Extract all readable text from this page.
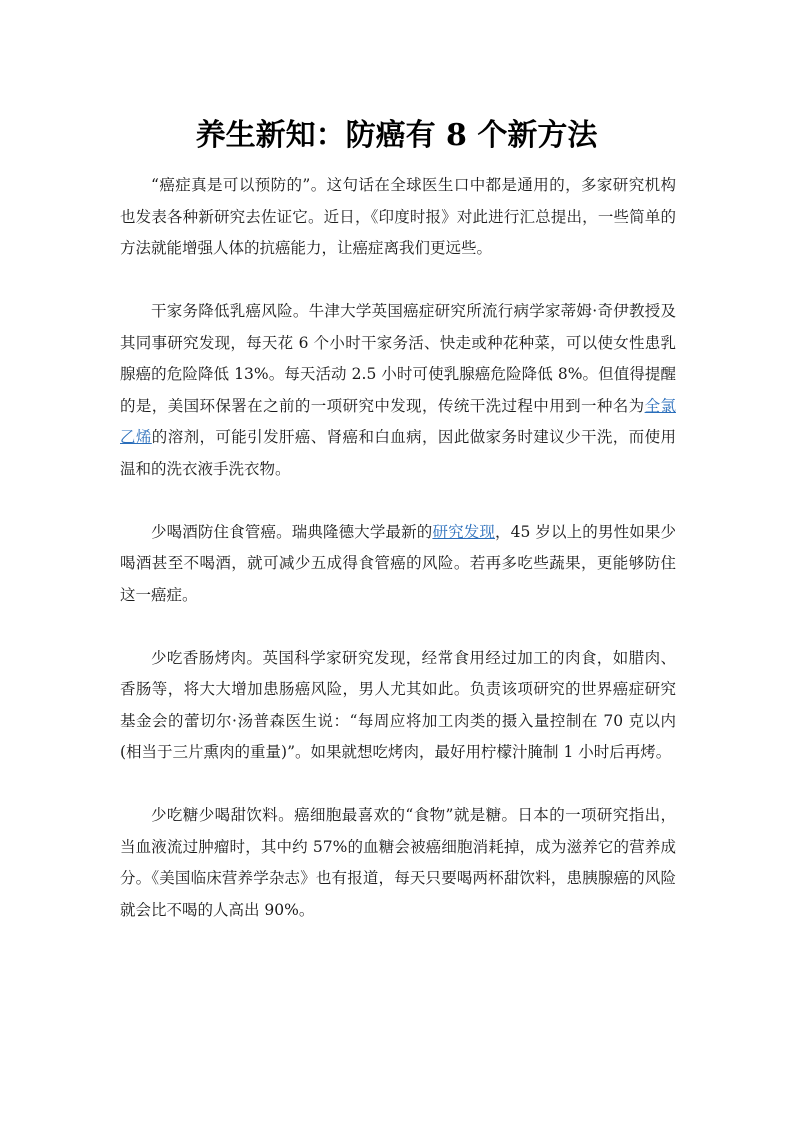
养生新知：防癌有 8 个新方法

“癌症真是可以预防的”。这句话在全球医生口中都是通用的，多家研究机构也发表各种新研究去佐证它。近日，《印度时报》对此进行汇总提出，一些简单的方法就能增强人体的抗癌能力，让癌症离我们更远些。

干家务降低乳癌风险。牛津大学英国癌症研究所流行病学家蒂姆·奇伊教授及其同事研究发现，每天花 6 个小时干家务活、快走或种花种菜，可以使女性患乳腺癌的危险降低 13%。每天活动 2.5 小时可使乳腺癌危险降低 8%。但值得提醒的是，美国环保署在之前的一项研究中发现，传统干洗过程中用到一种名为全氯乙烯的溶剂，可能引发肝癌、肾癌和白血病，因此做家务时建议少干洗，而使用温和的洗衣液手洗衣物。

少喝酒防住食管癌。瑞典隆德大学最新的研究发现，45 岁以上的男性如果少喝酒甚至不喝酒，就可减少五成得食管癌的风险。若再多吃些蔬果，更能够防住这一癌症。

少吃香肠烤肉。英国科学家研究发现，经常食用经过加工的肉食，如腊肉、香肠等，将大大增加患肠癌风险，男人尤其如此。负责该项研究的世界癌症研究基金会的蕾切尔·汤普森医生说：“每周应将加工肉类的摄入量控制在 70 克以内(相当于三片熏肉的重量)”。如果就想吃烤肉，最好用柠檬汁腌制 1 小时后再烤。

少吃糖少喝甜饮料。癌细胞最喜欢的“食物”就是糖。日本的一项研究指出，当血液流过肿瘤时，其中约 57%的血糖会被癌细胞消耗掉，成为滋养它的营养成分。《美国临床营养学杂志》也有报道，每天只要喝两杯甜饮料，患胰腺癌的风险就会比不喝的人高出 90%。
